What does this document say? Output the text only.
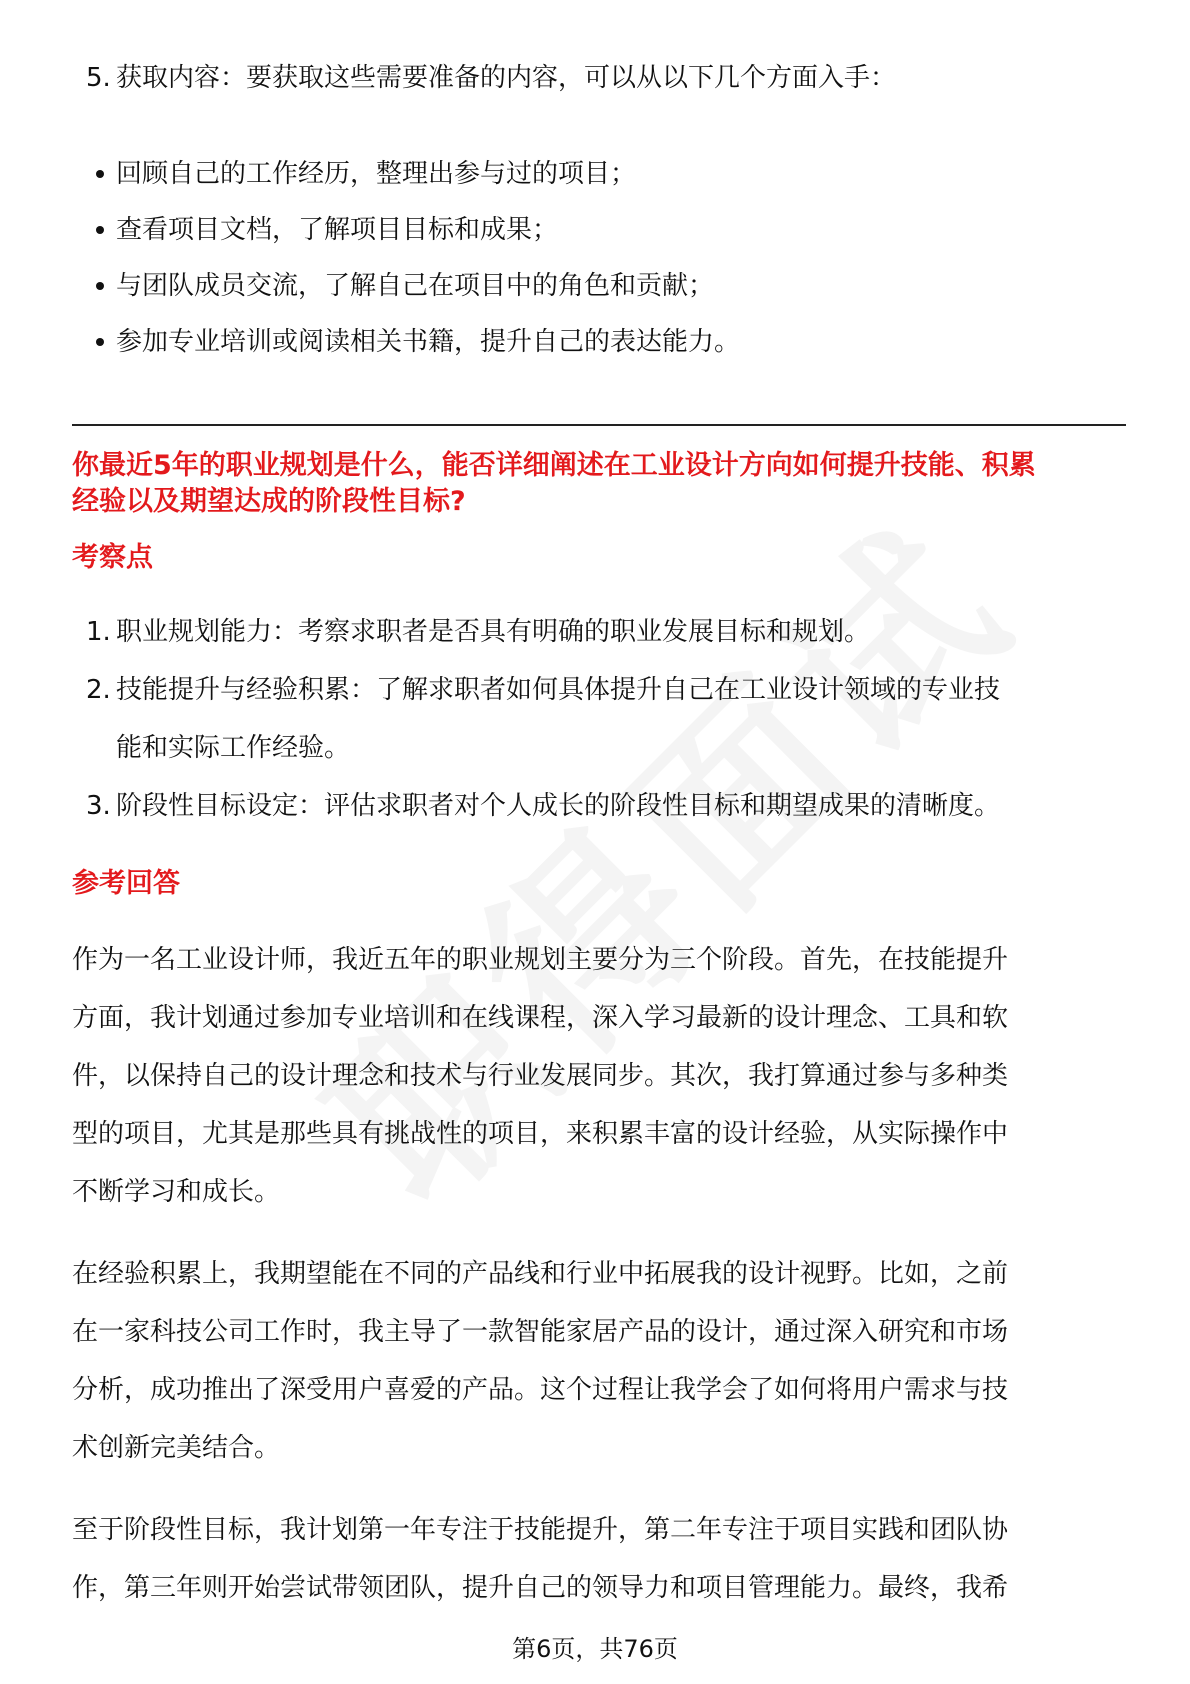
5. 获取内容：要获取这些需要准备的内容，可以从以下几个方面入手：
回顾自己的工作经历，整理出参与过的项目；
查看项目文档，了解项目目标和成果；
与团队成员交流，了解自己在项目中的角色和贡献；
参加专业培训或阅读相关书籍，提升自己的表达能力。
你最近5年的职业规划是什么，能否详细阐述在工业设计方向如何提升技能、积累
经验以及期望达成的阶段性目标?
考察点
1. 职业规划能力：考察求职者是否具有明确的职业发展目标和规划。
2. 技能提升与经验积累：了解求职者如何具体提升自己在工业设计领域的专业技
能和实际工作经验。
3. 阶段性目标设定：评估求职者对个人成长的阶段性目标和期望成果的清晰度。
参考回答
作为一名工业设计师，我近五年的职业规划主要分为三个阶段。首先，在技能提升
方面，我计划通过参加专业培训和在线课程，深入学习最新的设计理念、工具和软
件，以保持自己的设计理念和技术与行业发展同步。其次，我打算通过参与多种类
型的项目，尤其是那些具有挑战性的项目，来积累丰富的设计经验，从实际操作中
不断学习和成长。
在经验积累上，我期望能在不同的产品线和行业中拓展我的设计视野。比如，之前
在一家科技公司工作时，我主导了一款智能家居产品的设计，通过深入研究和市场
分析，成功推出了深受用户喜爱的产品。这个过程让我学会了如何将用户需求与技
术创新完美结合。
至于阶段性目标，我计划第一年专注于技能提升，第二年专注于项目实践和团队协
作，第三年则开始尝试带领团队，提升自己的领导力和项目管理能力。最终，我希
第6页，共76页
